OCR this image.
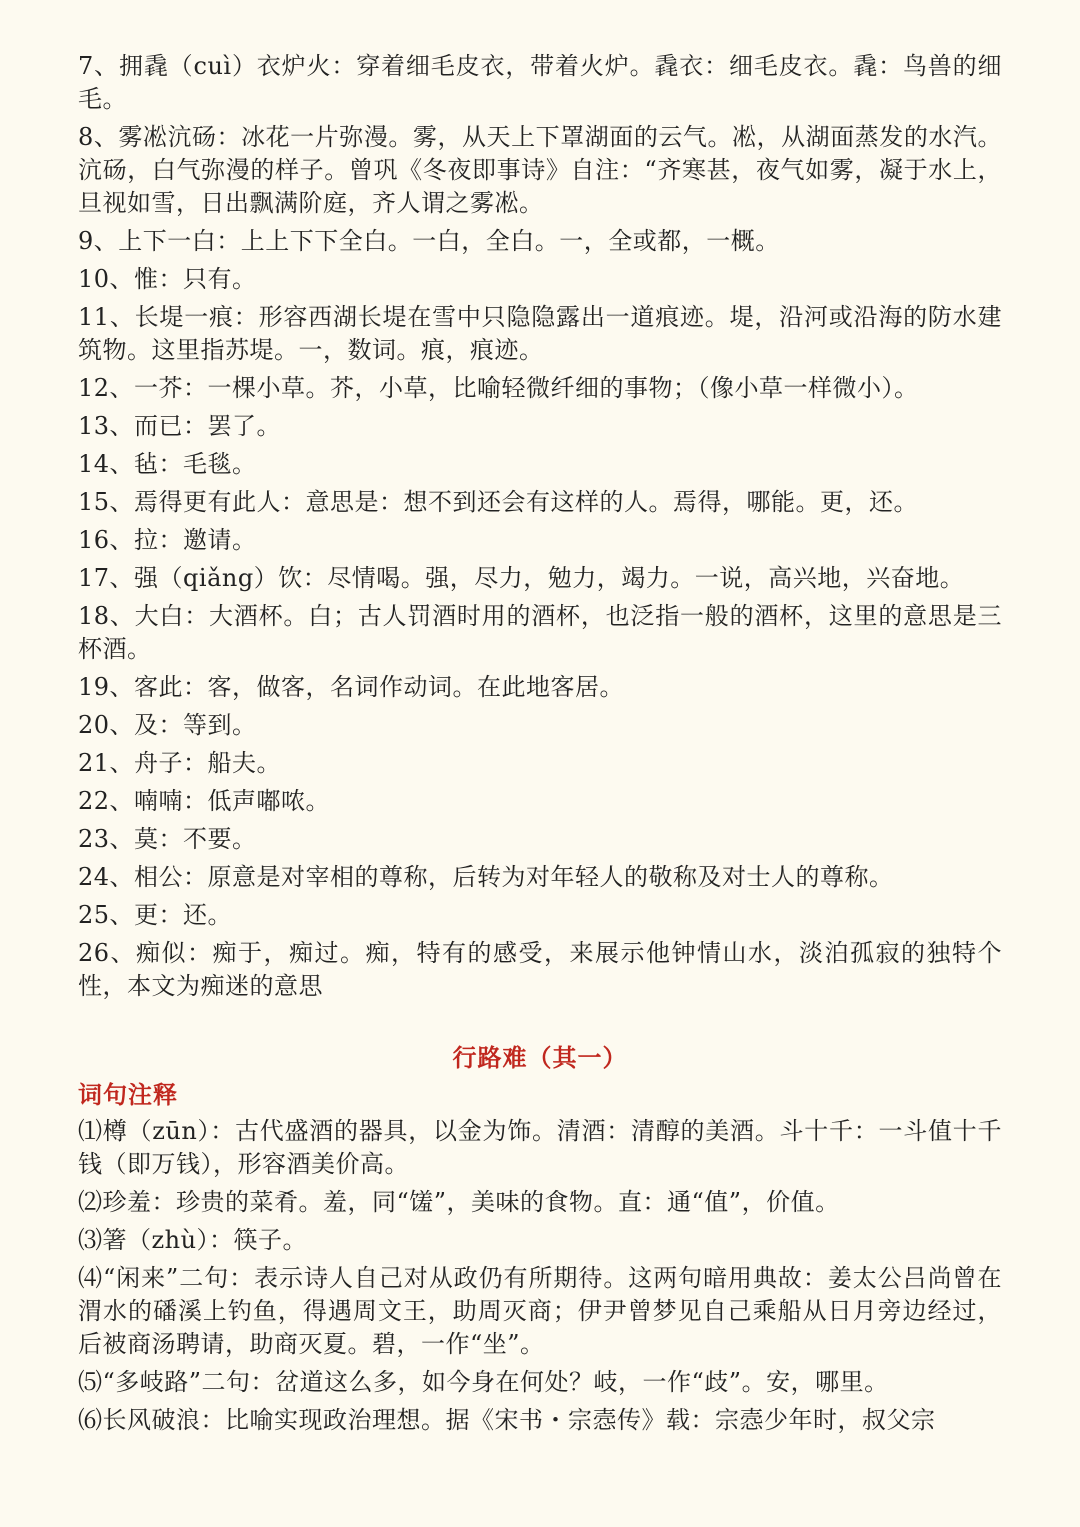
7、拥毳（cuì）衣炉火：穿着细毛皮衣，带着火炉。毳衣：细毛皮衣。毳：鸟兽的细毛。

8、雾凇沆砀：冰花一片弥漫。雾，从天上下罩湖面的云气。凇，从湖面蒸发的水汽。沆砀，白气弥漫的样子。曾巩《冬夜即事诗》自注：“齐寒甚，夜气如雾，凝于水上，旦视如雪，日出飘满阶庭，齐人谓之雾凇。

9、上下一白：上上下下全白。一白，全白。一，全或都，一概。

10、惟：只有。

11、长堤一痕：形容西湖长堤在雪中只隐隐露出一道痕迹。堤，沿河或沿海的防水建筑物。这里指苏堤。一，数词。痕，痕迹。

12、一芥：一棵小草。芥，小草，比喻轻微纤细的事物；（像小草一样微小）。

13、而已：罢了。

14、毡：毛毯。

15、焉得更有此人：意思是：想不到还会有这样的人。焉得，哪能。更，还。

16、拉：邀请。

17、强（qiǎng）饮：尽情喝。强，尽力，勉力，竭力。一说，高兴地，兴奋地。

18、大白：大酒杯。白；古人罚酒时用的酒杯，也泛指一般的酒杯，这里的意思是三杯酒。

19、客此：客，做客，名词作动词。在此地客居。

20、及：等到。

21、舟子：船夫。

22、喃喃：低声嘟哝。

23、莫：不要。

24、相公：原意是对宰相的尊称，后转为对年轻人的敬称及对士人的尊称。

25、更：还。

26、痴似：痴于，痴过。痴，特有的感受，来展示他钟情山水，淡泊孤寂的独特个性，本文为痴迷的意思

行路难（其一）
词句注释

⑴樽（zūn）：古代盛酒的器具，以金为饰。清酒：清醇的美酒。斗十千：一斗值十千钱（即万钱），形容酒美价高。

⑵珍羞：珍贵的菜肴。羞，同“馐”，美味的食物。直：通“值”，价值。

⑶箸（zhù）：筷子。

⑷“闲来”二句：表示诗人自己对从政仍有所期待。这两句暗用典故：姜太公吕尚曾在渭水的磻溪上钓鱼，得遇周文王，助周灭商；伊尹曾梦见自己乘船从日月旁边经过，后被商汤聘请，助商灭夏。碧，一作“坐”。

⑸“多岐路”二句：岔道这么多，如今身在何处？岐，一作“歧”。安，哪里。

⑹长风破浪：比喻实现政治理想。据《宋书・宗悫传》载：宗悫少年时，叔父宗
